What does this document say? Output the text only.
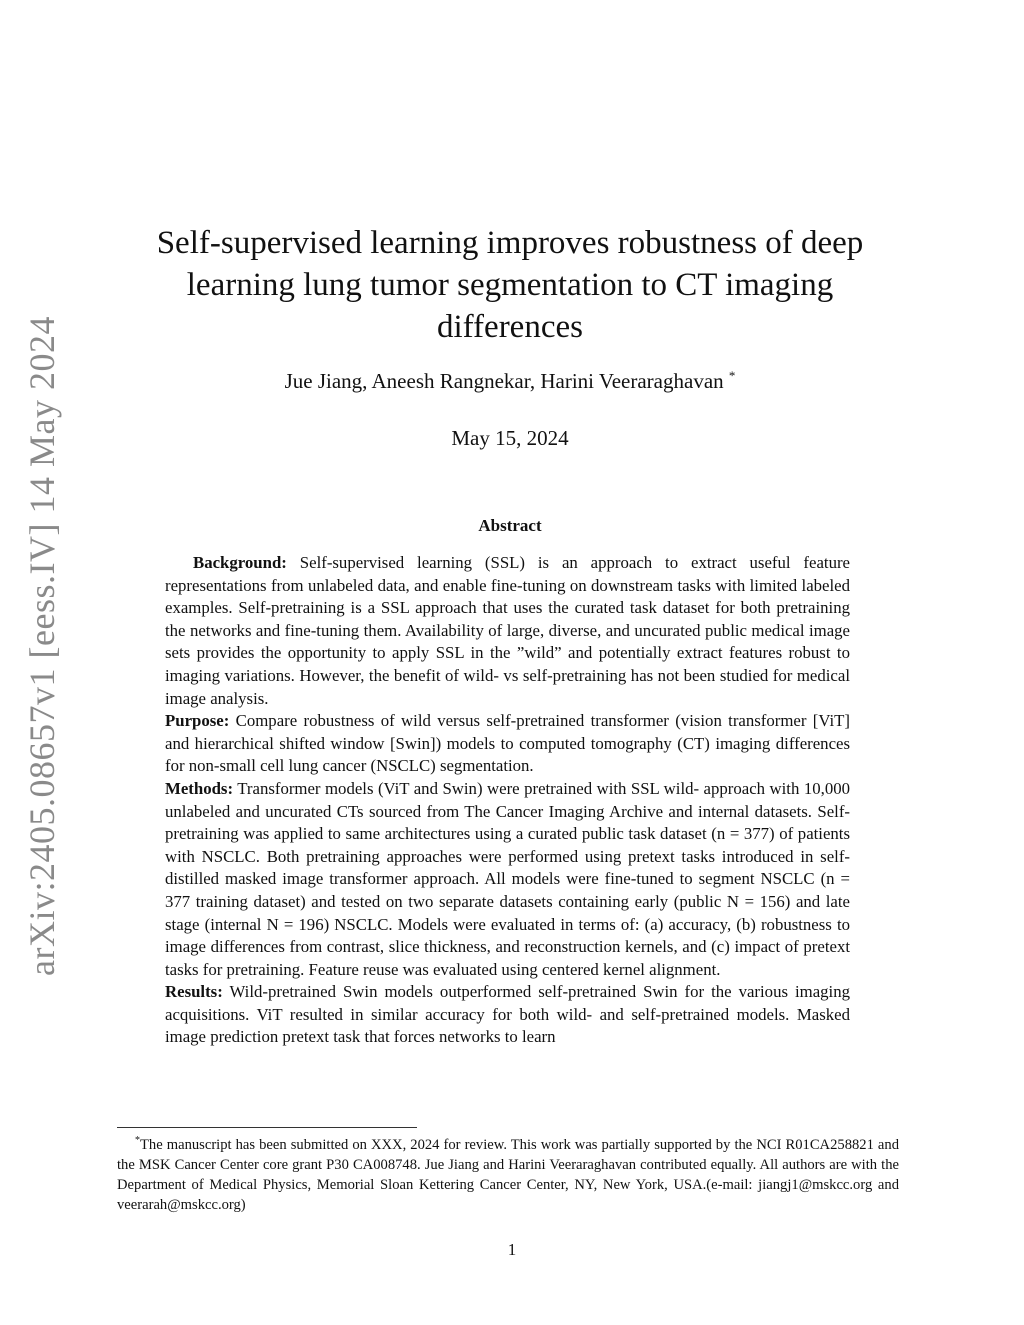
arXiv:2405.08657v1 [eess.IV] 14 May 2024
Self-supervised learning improves robustness of deep learning lung tumor segmentation to CT imaging differences
Jue Jiang, Aneesh Rangnekar, Harini Veeraraghavan *
May 15, 2024
Abstract

Background: Self-supervised learning (SSL) is an approach to extract useful feature representations from unlabeled data, and enable fine-tuning on downstream tasks with limited labeled examples. Self-pretraining is a SSL approach that uses the curated task dataset for both pretraining the networks and fine-tuning them. Availability of large, diverse, and uncurated public medical image sets provides the opportunity to apply SSL in the ”wild” and potentially extract features robust to imaging variations. However, the benefit of wild- vs self-pretraining has not been studied for medical image analysis.

Purpose: Compare robustness of wild versus self-pretrained transformer (vision transformer [ViT] and hierarchical shifted window [Swin]) models to computed tomography (CT) imaging differences for non-small cell lung cancer (NSCLC) segmentation.

Methods: Transformer models (ViT and Swin) were pretrained with SSL wild- approach with 10,000 unlabeled and uncurated CTs sourced from The Cancer Imaging Archive and internal datasets. Self-pretraining was applied to same architectures using a curated public task dataset (n = 377) of patients with NSCLC. Both pretraining approaches were performed using pretext tasks introduced in self-distilled masked image transformer approach. All models were fine-tuned to segment NSCLC (n = 377 training dataset) and tested on two separate datasets containing early (public N = 156) and late stage (internal N = 196) NSCLC. Models were evaluated in terms of: (a) accuracy, (b) robustness to image differences from contrast, slice thickness, and reconstruction kernels, and (c) impact of pretext tasks for pretraining. Feature reuse was evaluated using centered kernel alignment.

Results: Wild-pretrained Swin models outperformed self-pretrained Swin for the various imaging acquisitions. ViT resulted in similar accuracy for both wild- and self-pretrained models. Masked image prediction pretext task that forces networks to learn

*The manuscript has been submitted on XXX, 2024 for review. This work was partially supported by the NCI R01CA258821 and the MSK Cancer Center core grant P30 CA008748. Jue Jiang and Harini Veeraraghavan contributed equally. All authors are with the Department of Medical Physics, Memorial Sloan Kettering Cancer Center, NY, New York, USA.(e-mail: jiangj1@mskcc.org and veerarah@mskcc.org)

1
